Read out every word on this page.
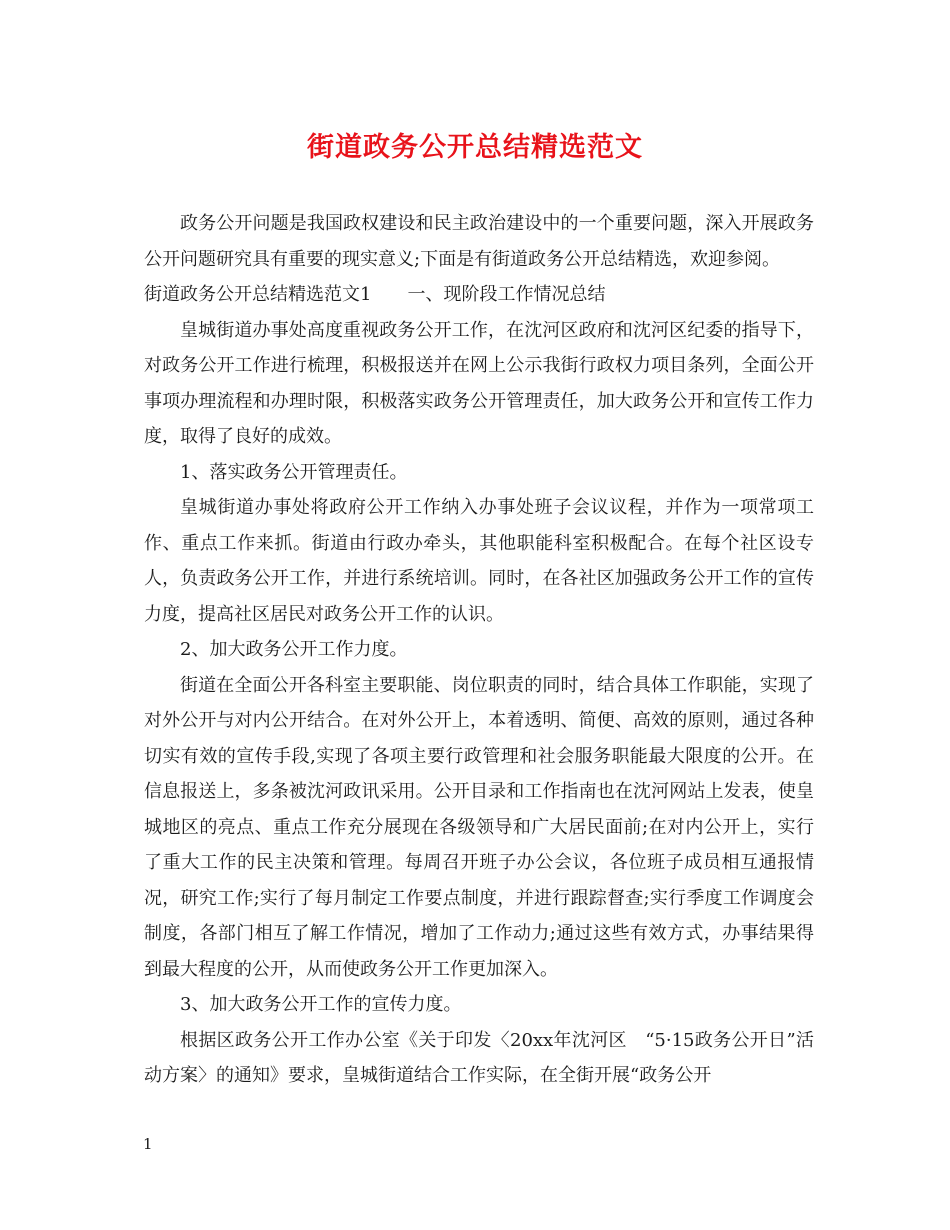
街道政务公开总结精选范文

政务公开问题是我国政权建设和民主政治建设中的一个重要问题，深入开展政务公开问题研究具有重要的现实意义;下面是有街道政务公开总结精选，欢迎参阅。

街道政务公开总结精选范文1　　一、现阶段工作情况总结

皇城街道办事处高度重视政务公开工作，在沈河区政府和沈河区纪委的指导下，对政务公开工作进行梳理，积极报送并在网上公示我街行政权力项目条列，全面公开事项办理流程和办理时限，积极落实政务公开管理责任，加大政务公开和宣传工作力度，取得了良好的成效。

1、落实政务公开管理责任。

皇城街道办事处将政府公开工作纳入办事处班子会议议程，并作为一项常项工作、重点工作来抓。街道由行政办牵头，其他职能科室积极配合。在每个社区设专人，负责政务公开工作，并进行系统培训。同时，在各社区加强政务公开工作的宣传力度，提高社区居民对政务公开工作的认识。

2、加大政务公开工作力度。

街道在全面公开各科室主要职能、岗位职责的同时，结合具体工作职能，实现了对外公开与对内公开结合。在对外公开上，本着透明、简便、高效的原则，通过各种切实有效的宣传手段,实现了各项主要行政管理和社会服务职能最大限度的公开。在信息报送上，多条被沈河政讯采用。公开目录和工作指南也在沈河网站上发表，使皇城地区的亮点、重点工作充分展现在各级领导和广大居民面前;在对内公开上，实行了重大工作的民主决策和管理。每周召开班子办公会议，各位班子成员相互通报情况，研究工作;实行了每月制定工作要点制度，并进行跟踪督查;实行季度工作调度会制度，各部门相互了解工作情况，增加了工作动力;通过这些有效方式，办事结果得到最大程度的公开，从而使政务公开工作更加深入。

3、加大政务公开工作的宣传力度。

根据区政务公开工作办公室《关于印发〈20xx年沈河区　“5·15政务公开日”活动方案〉的通知》要求，皇城街道结合工作实际，在全街开展“政务公开

1
